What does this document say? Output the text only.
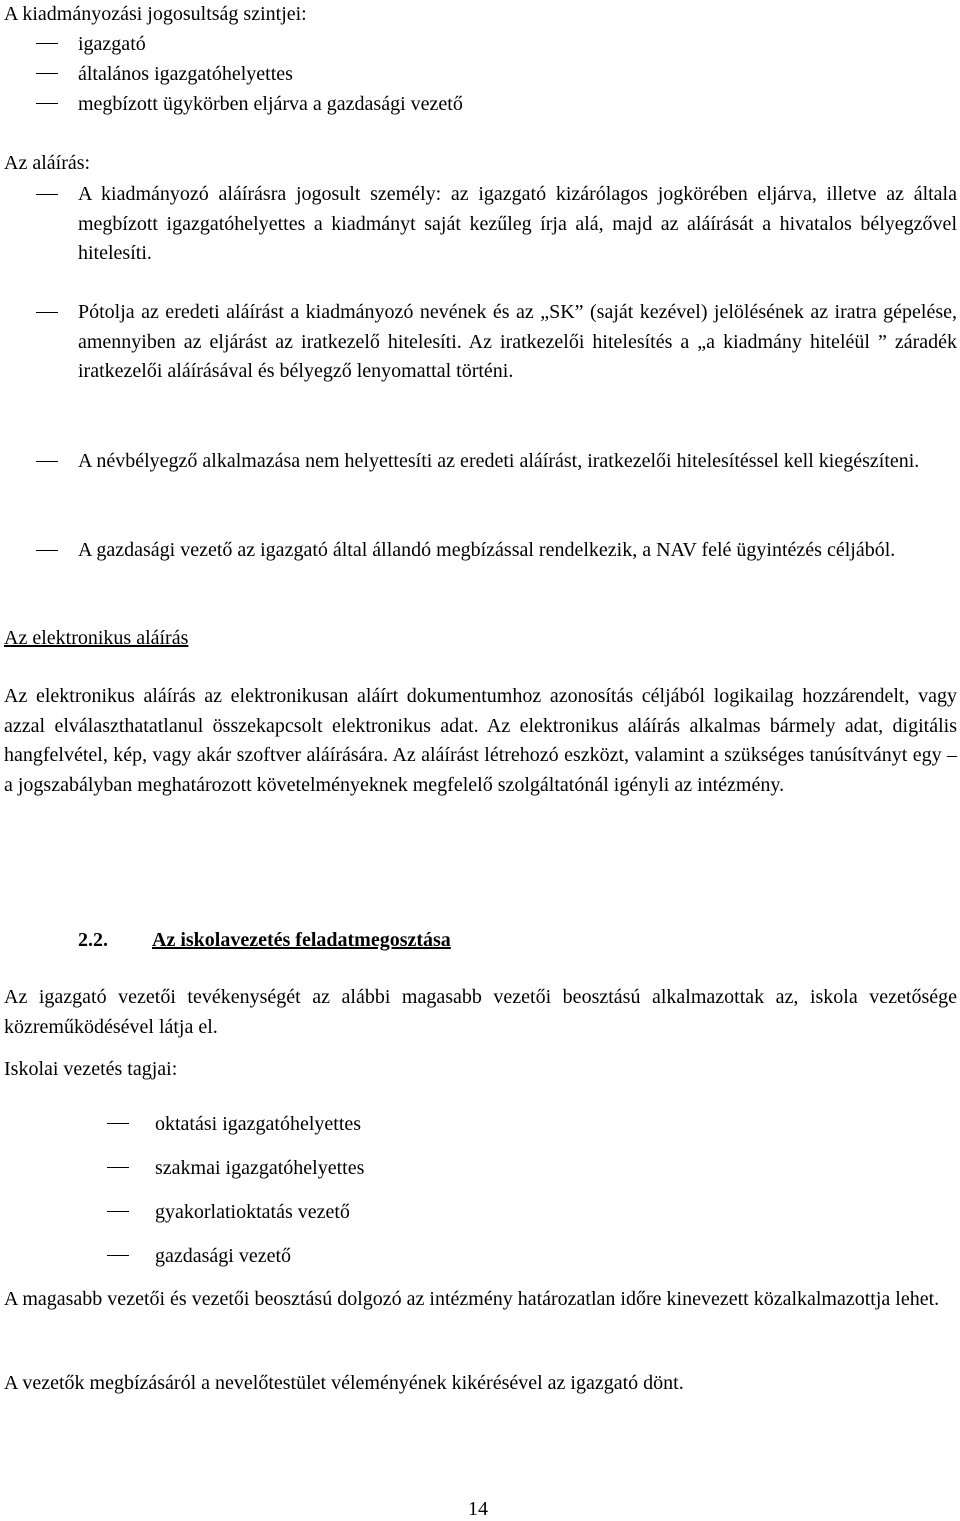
A kiadmányozási jogosultság szintjei:
igazgató
általános igazgatóhelyettes
megbízott ügykörben eljárva a gazdasági vezető
Az aláírás:
A kiadmányozó aláírásra jogosult személy: az igazgató kizárólagos jogkörében eljárva, illetve az általa megbízott igazgatóhelyettes a kiadmányt saját kezűleg írja alá, majd az aláírását a hivatalos bélyegzővel hitelesíti.
Pótolja az eredeti aláírást a kiadmányozó nevének és az „SK” (saját kezével) jelölésének az iratra gépelése, amennyiben az eljárást az iratkezelő hitelesíti. Az iratkezelői hitelesítés a „a kiadmány hiteléül ” záradék iratkezelői aláírásával és bélyegző lenyomattal történi.
A névbélyegző alkalmazása nem helyettesíti az eredeti aláírást, iratkezelői hitelesítéssel kell kiegészíteni.
A gazdasági vezető az igazgató által állandó megbízással rendelkezik, a NAV felé ügyintézés céljából.
Az elektronikus aláírás

Az elektronikus aláírás az elektronikusan aláírt dokumentumhoz azonosítás céljából logikailag hozzárendelt, vagy azzal elválaszthatatlanul összekapcsolt elektronikus adat. Az elektronikus aláírás alkalmas bármely adat, digitális hangfelvétel, kép, vagy akár szoftver aláírására. Az aláírást létrehozó eszközt, valamint a szükséges tanúsítványt egy – a jogszabályban meghatározott követelményeknek megfelelő szolgáltatónál igényli az intézmény.

2.2. Az iskolavezetés feladatmegosztása

Az igazgató vezetői tevékenységét az alábbi magasabb vezetői beosztású alkalmazottak az, iskola vezetősége közreműködésével látja el.

Iskolai vezetés tagjai:
oktatási igazgatóhelyettes
szakmai igazgatóhelyettes
gyakorlatioktatás vezető
gazdasági vezető

A magasabb vezetői és vezetői beosztású dolgozó az intézmény határozatlan időre kinevezett közalkalmazottja lehet.

A vezetők megbízásáról a nevelőtestület véleményének kikérésével az igazgató dönt.
14
